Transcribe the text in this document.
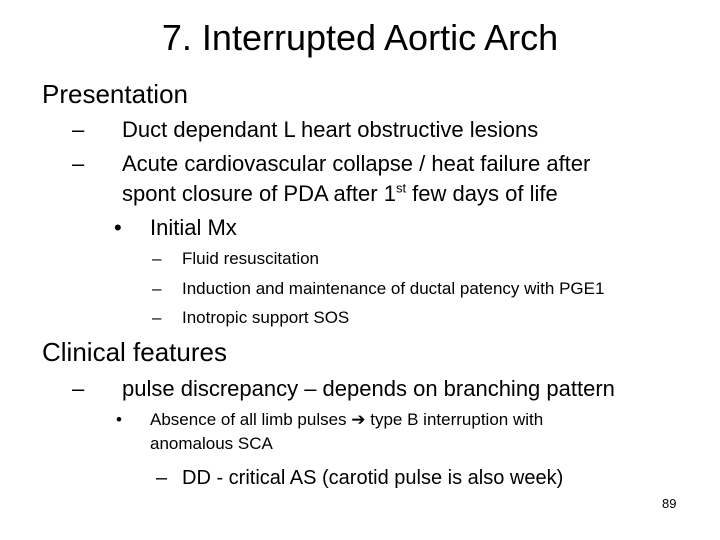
7. Interrupted Aortic Arch
Presentation
– Duct dependant L heart obstructive lesions
– Acute cardiovascular collapse / heat failure after
spont closure of PDA after 1st few days of life
• Initial Mx
– Fluid resuscitation
– Induction and maintenance of ductal patency with PGE1
– Inotropic support SOS
Clinical features
– pulse discrepancy – depends on branching pattern
• Absence of all limb pulses ➔ type B interruption with
anomalous SCA
– DD - critical AS (carotid pulse is also week)
89
